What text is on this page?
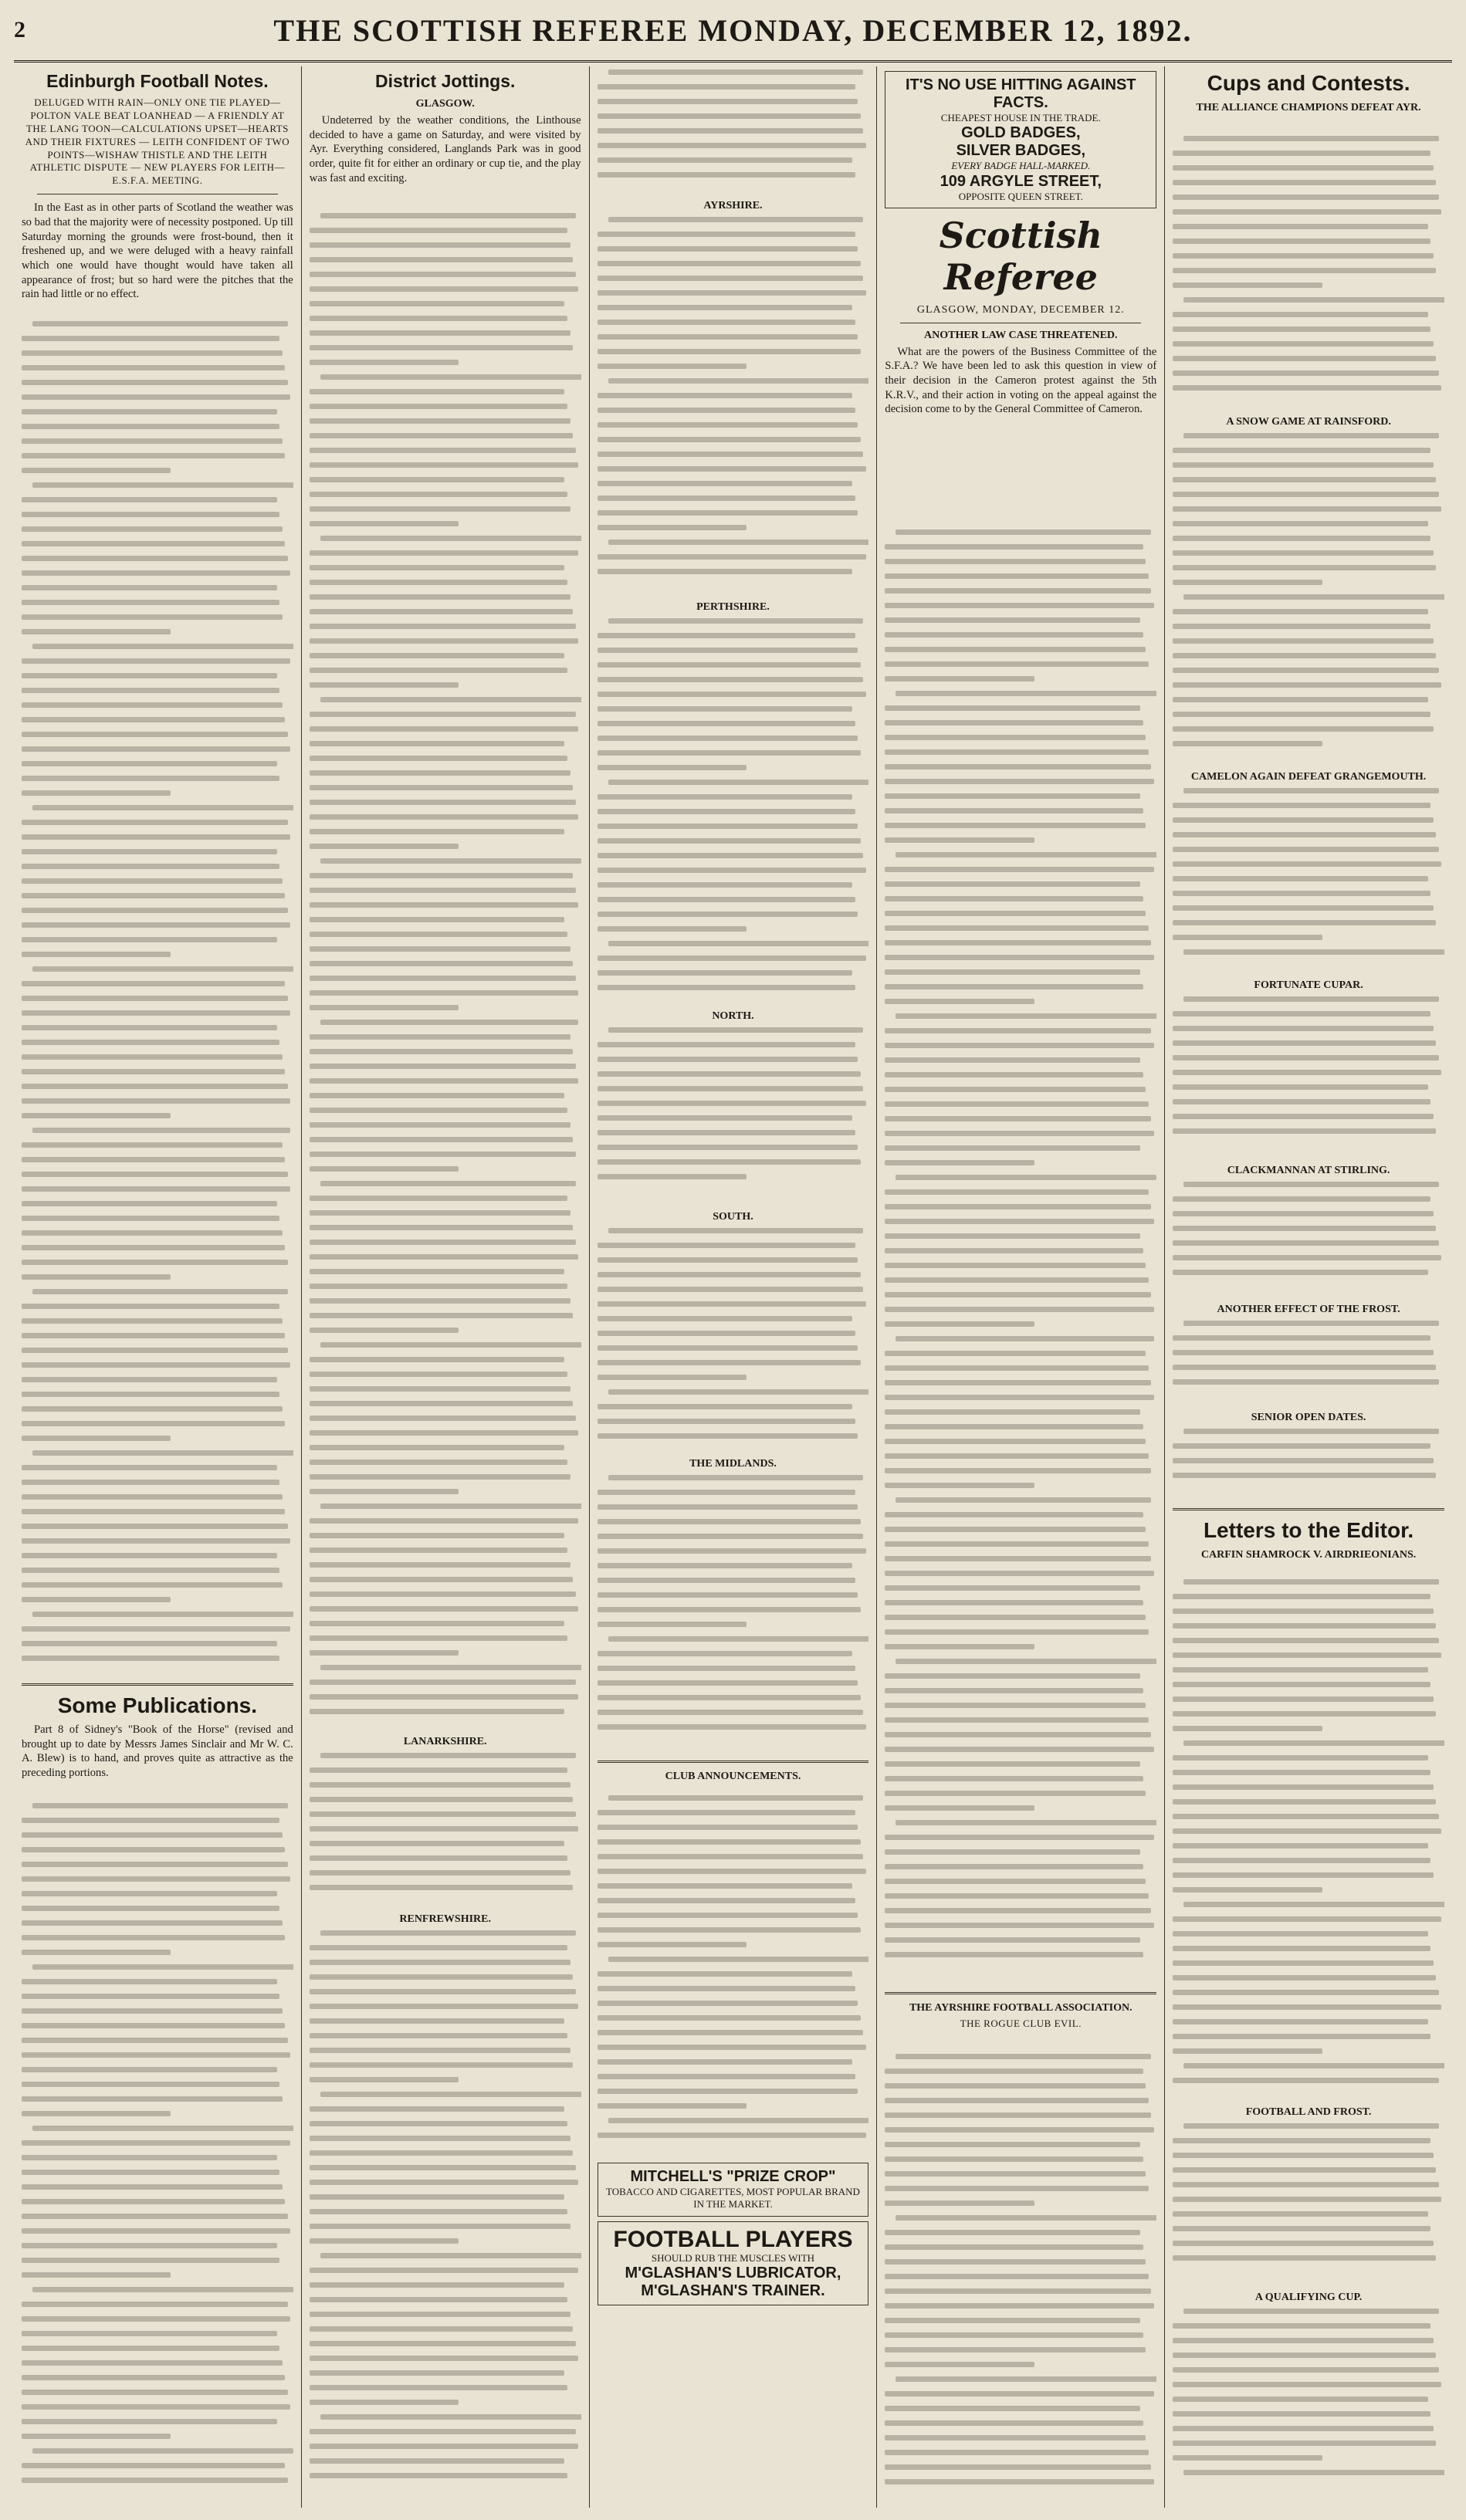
2	THE SCOTTISH REFEREE MONDAY, DECEMBER 12, 1892.
Edinburgh Football Notes.
DELUGED WITH RAIN—ONLY ONE TIE PLAYED—POLTON VALE BEAT LOANHEAD — A FRIENDLY AT THE LANG TOON—CALCULATIONS UPSET—HEARTS AND THEIR FIXTURES — LEITH CONFIDENT OF TWO POINTS—WISHAW THISTLE AND THE LEITH ATHLETIC DISPUTE — NEW PLAYERS FOR LEITH—E.S.F.A. MEETING.

In the East as in other parts of Scotland the weather was so bad that the majority were of necessity postponed. Up till Saturday morning the grounds were frost-bound, then it freshened up, and we were deluged with a heavy rainfall which one would have thought would have taken all appearance of frost; but so hard were the pitches that the rain had little or no effect.

Some Publications.

Part 8 of Sidney's "Book of the Horse" (revised and brought up to date by Messrs James Sinclair and Mr W. C. A. Blew) is to hand, and proves quite as attractive as the preceding portions.

District Jottings.
GLASGOW.

Undeterred by the weather conditions, the Linthouse decided to have a game on Saturday, and were visited by Ayr. Everything considered, Langlands Park was in good order, quite fit for either an ordinary or cup tie, and the play was fast and exciting.

LANARKSHIRE.
RENFREWSHIRE.
AYRSHIRE.
PERTHSHIRE.
NORTH.
SOUTH.
THE MIDLANDS.
CLUB ANNOUNCEMENTS.
MITCHELL'S "PRIZE CROP"
TOBACCO AND CIGARETTES, MOST POPULAR BRAND IN THE MARKET.
FOOTBALL PLAYERS
SHOULD RUB THE MUSCLES WITH
M'GLASHAN'S LUBRICATOR,
M'GLASHAN'S TRAINER.
IT'S NO USE HITTING AGAINST FACTS.
CHEAPEST HOUSE IN THE TRADE.
GOLD BADGES,
SILVER BADGES,
EVERY BADGE HALL-MARKED.
109 ARGYLE STREET,
OPPOSITE QUEEN STREET.
Scottish Referee
GLASGOW, MONDAY, DECEMBER 12.
ANOTHER LAW CASE THREATENED.

What are the powers of the Business Committee of the S.F.A.? We have been led to ask this question in view of their decision in the Cameron protest against the 5th K.R.V., and their action in voting on the appeal against the decision come to by the General Committee of Cameron.

THE AYRSHIRE FOOTBALL ASSOCIATION.
THE ROGUE CLUB EVIL.
Cups and Contests.
THE ALLIANCE CHAMPIONS DEFEAT AYR.
A SNOW GAME AT RAINSFORD.
CAMELON AGAIN DEFEAT GRANGEMOUTH.
FORTUNATE CUPAR.
CLACKMANNAN AT STIRLING.
ANOTHER EFFECT OF THE FROST.
SENIOR OPEN DATES.
Letters to the Editor.
CARFIN SHAMROCK V. AIRDRIEONIANS.
FOOTBALL AND FROST.
A QUALIFYING CUP.
